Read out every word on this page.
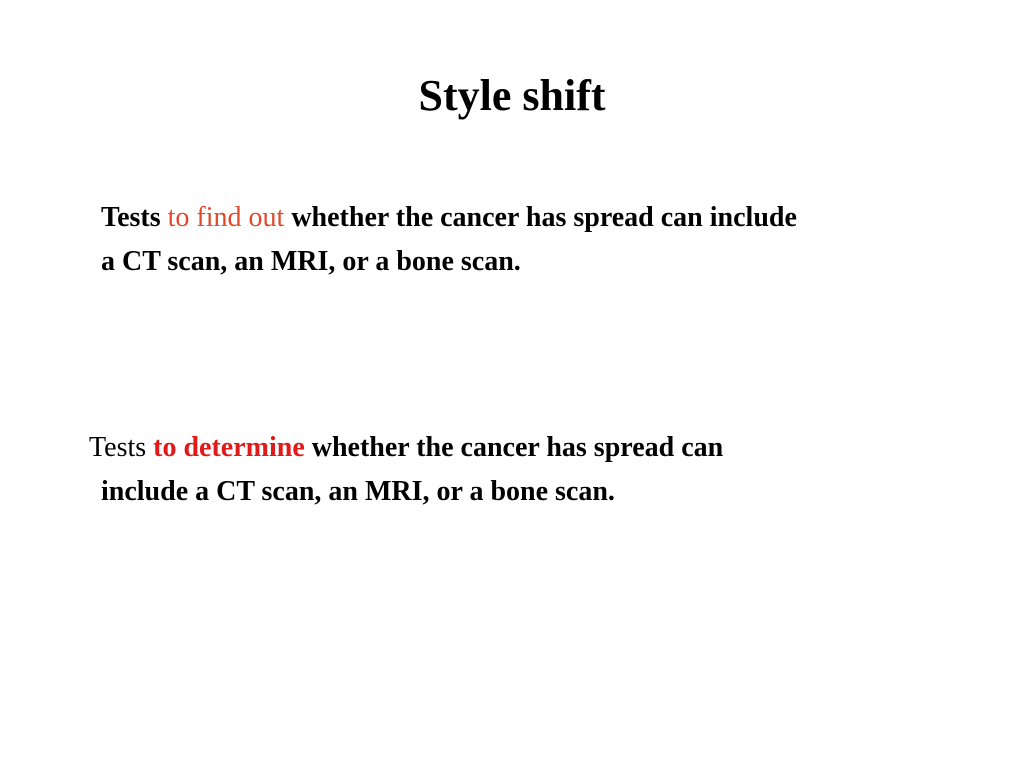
Style shift

Tests to find out whether the cancer has spread can include
a CT scan, an MRI, or a bone scan.

Tests to determine whether the cancer has spread can
include a CT scan, an MRI, or a bone scan.
